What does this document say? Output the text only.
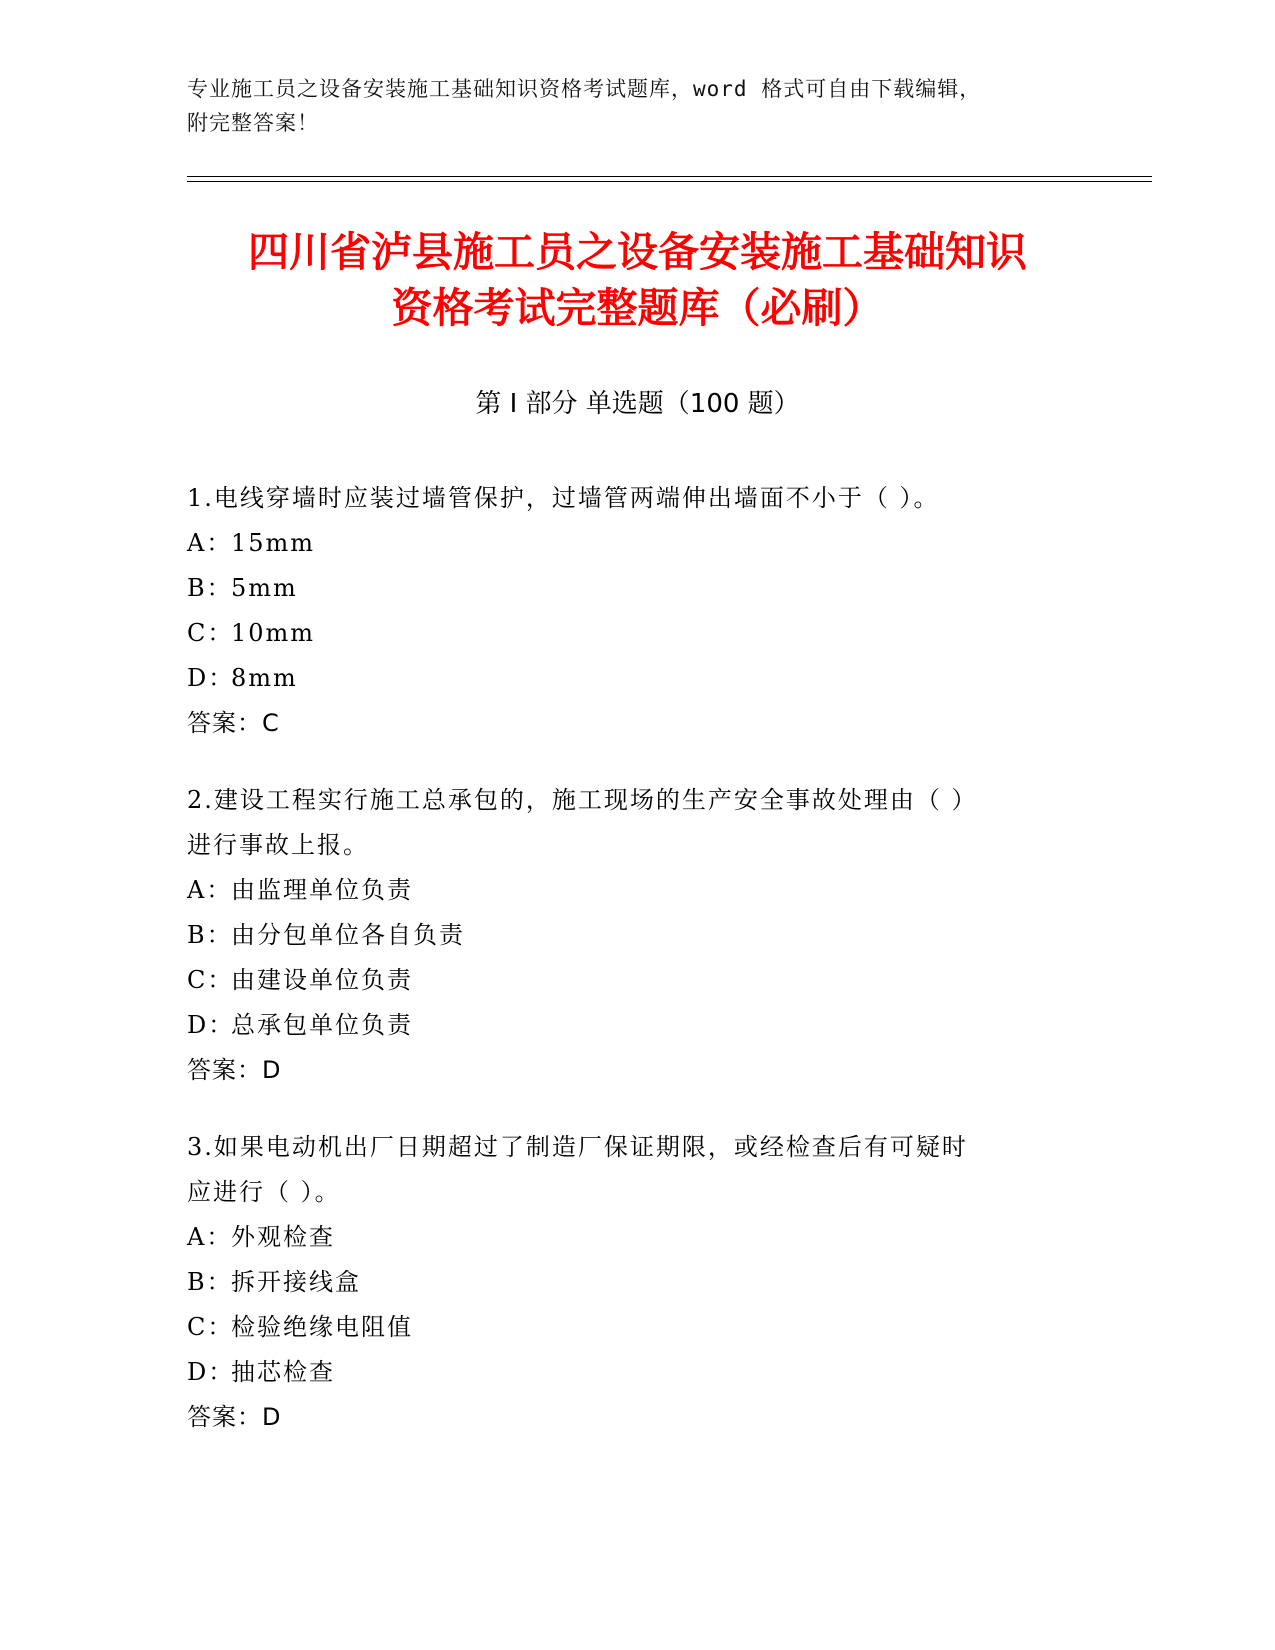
专业施工员之设备安装施工基础知识资格考试题库，word 格式可自由下载编辑，
附完整答案！
四川省泸县施工员之设备安装施工基础知识
资格考试完整题库（必刷）
第 I 部分 单选题（100 题）

1.电线穿墙时应装过墙管保护，过墙管两端伸出墙面不小于（ ）。

A：
15mm

B：
5mm

C：
10mm

D：
8mm

答案：C

2.建设工程实行施工总承包的，施工现场的生产安全事故处理由（ ）

进行事故上报。

A：
由监理单位负责

B：
由分包单位各自负责

C：
由建设单位负责

D：
总承包单位负责

答案：D

3.如果电动机出厂日期超过了制造厂保证期限，或经检查后有可疑时

应进行（ ）。

A：
外观检查

B：
拆开接线盒

C：
检验绝缘电阻值

D：
抽芯检查

答案：D
